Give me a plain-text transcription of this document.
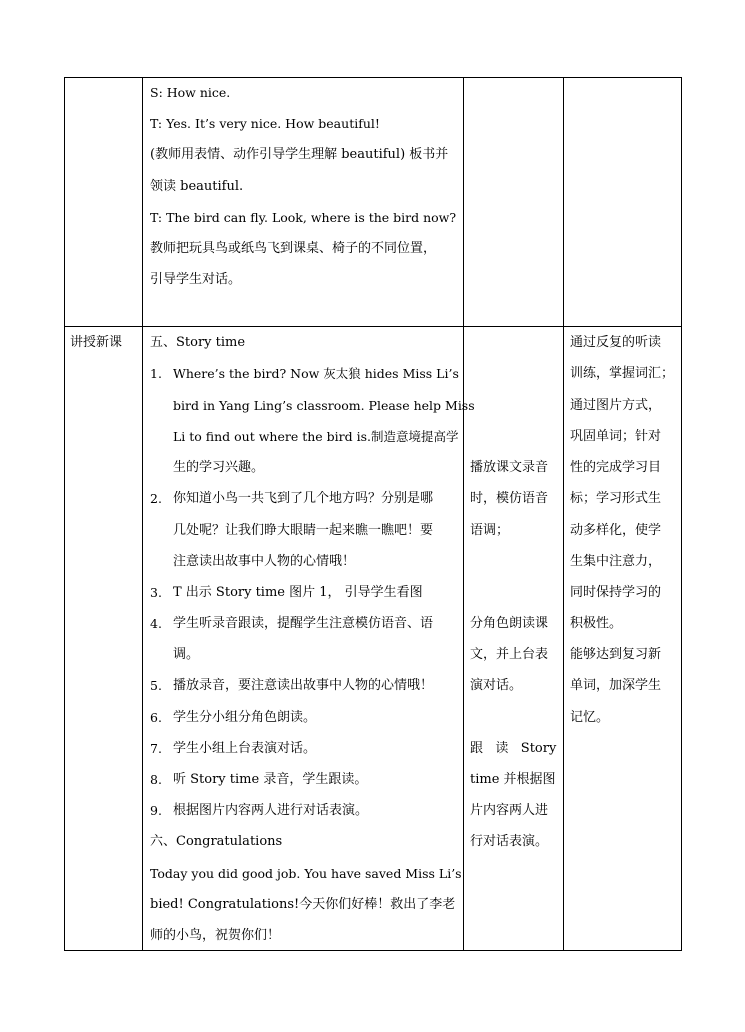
S: How nice.
T: Yes. It’s very nice. How beautiful!
(教师用表情、动作引导学生理解 beautiful) 板书并
领读 beautiful.
T: The bird can fly. Look, where is the bird now?
教师把玩具鸟或纸鸟飞到课桌、椅子的不同位置，
引导学生对话。
讲授新课 五、Story time
1. Where’s the bird? Now 灰太狼 hides Miss Li’s
bird in Yang Ling’s classroom. Please help Miss
Li to find out where the bird is.制造意境提高学
生的学习兴趣。
2. 你知道小鸟一共飞到了几个地方吗？分别是哪
几处呢？让我们睁大眼睛一起来瞧一瞧吧！要
注意读出故事中人物的心情哦！
3. T 出示 Story time 图片 1， 引导学生看图
4. 学生听录音跟读，提醒学生注意模仿语音、语
调。
5. 播放录音，要注意读出故事中人物的心情哦！
6. 学生分小组分角色朗读。
7. 学生小组上台表演对话。
8. 听 Story time 录音，学生跟读。
9. 根据图片内容两人进行对话表演。
六、Congratulations
Today you did good job. You have saved Miss Li’s
bied! Congratulations!今天你们好棒！救出了李老
师的小鸟，祝贺你们！
播放课文录音
时，模仿语音
语调；
分角色朗读课
文，并上台表
演对话。
跟   读   Story
time 并根据图
片内容两人进
行对话表演。
通过反复的听读
训练，掌握词汇；
通过图片方式，
巩固单词；针对
性的完成学习目
标；学习形式生
动多样化，使学
生集中注意力，
同时保持学习的
积极性。
能够达到复习新
单词，加深学生
记忆。
